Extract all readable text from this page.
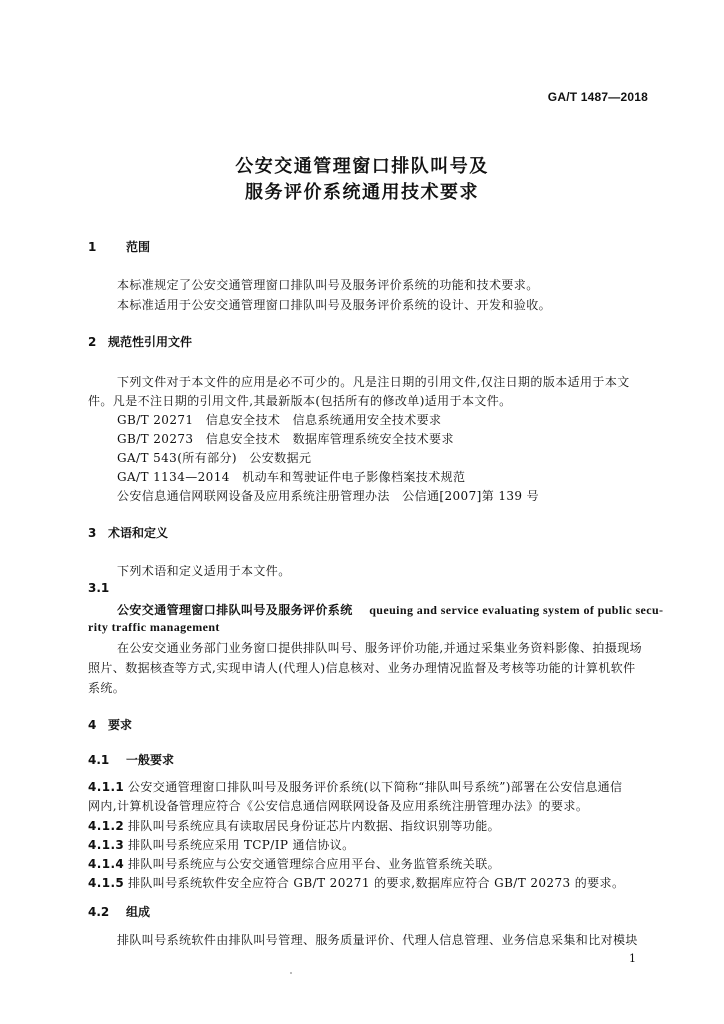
GA/T 1487—2018
公安交通管理窗口排队叫号及
服务评价系统通用技术要求
1 范围
本标准规定了公安交通管理窗口排队叫号及服务评价系统的功能和技术要求。
本标准适用于公安交通管理窗口排队叫号及服务评价系统的设计、开发和验收。
2 规范性引用文件
下列文件对于本文件的应用是必不可少的。凡是注日期的引用文件,仅注日期的版本适用于本文
件。凡是不注日期的引用文件,其最新版本(包括所有的修改单)适用于本文件。
GB/T 20271　信息安全技术　信息系统通用安全技术要求
GB/T 20273　信息安全技术　数据库管理系统安全技术要求
GA/T 543(所有部分)　公安数据元
GA/T 1134—2014　机动车和驾驶证件电子影像档案技术规范
公安信息通信网联网设备及应用系统注册管理办法　公信通[2007]第 139 号
3 术语和定义
下列术语和定义适用于本文件。
3.1
公安交通管理窗口排队叫号及服务评价系统　 queuing and service evaluating system of public secu-
rity traffic management
在公安交通业务部门业务窗口提供排队叫号、服务评价功能,并通过采集业务资料影像、拍摄现场
照片、数据核查等方式,实现申请人(代理人)信息核对、业务办理情况监督及考核等功能的计算机软件
系统。
4 要求
4.1 一般要求
4.1.1 公安交通管理窗口排队叫号及服务评价系统(以下简称“排队叫号系统”)部署在公安信息通信
网内,计算机设备管理应符合《公安信息通信网联网设备及应用系统注册管理办法》的要求。
4.1.2 排队叫号系统应具有读取居民身份证芯片内数据、指纹识别等功能。
4.1.3 排队叫号系统应采用 TCP/IP 通信协议。
4.1.4 排队叫号系统应与公安交通管理综合应用平台、业务监管系统关联。
4.1.5 排队叫号系统软件安全应符合 GB/T 20271 的要求,数据库应符合 GB/T 20273 的要求。
4.2 组成
排队叫号系统软件由排队叫号管理、服务质量评价、代理人信息管理、业务信息采集和比对模块
1
